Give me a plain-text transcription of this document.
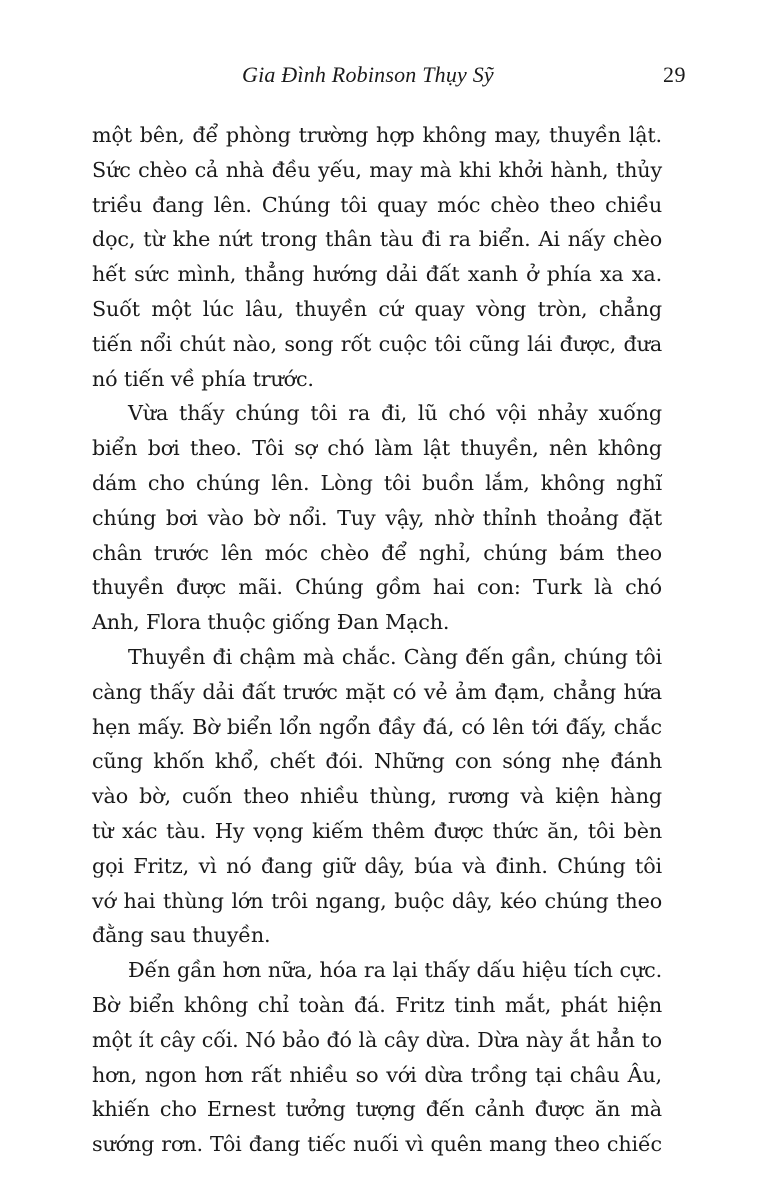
Gia Đình Robinson Thụy Sỹ	29
một bên, để phòng trường hợp không may, thuyền lật.
Sức chèo cả nhà đều yếu, may mà khi khởi hành, thủy
triều đang lên. Chúng tôi quay móc chèo theo chiều
dọc, từ khe nứt trong thân tàu đi ra biển. Ai nấy chèo
hết sức mình, thẳng hướng dải đất xanh ở phía xa xa.
Suốt một lúc lâu, thuyền cứ quay vòng tròn, chẳng
tiến nổi chút nào, song rốt cuộc tôi cũng lái được, đưa
nó tiến về phía trước.
Vừa thấy chúng tôi ra đi, lũ chó vội nhảy xuống
biển bơi theo. Tôi sợ chó làm lật thuyền, nên không
dám cho chúng lên. Lòng tôi buồn lắm, không nghĩ
chúng bơi vào bờ nổi. Tuy vậy, nhờ thỉnh thoảng đặt
chân trước lên móc chèo để nghỉ, chúng bám theo
thuyền được mãi. Chúng gồm hai con: Turk là chó
Anh, Flora thuộc giống Đan Mạch.
Thuyền đi chậm mà chắc. Càng đến gần, chúng tôi
càng thấy dải đất trước mặt có vẻ ảm đạm, chẳng hứa
hẹn mấy. Bờ biển lổn ngổn đầy đá, có lên tới đấy, chắc
cũng khốn khổ, chết đói. Những con sóng nhẹ đánh
vào bờ, cuốn theo nhiều thùng, rương và kiện hàng
từ xác tàu. Hy vọng kiếm thêm được thức ăn, tôi bèn
gọi Fritz, vì nó đang giữ dây, búa và đinh. Chúng tôi
vớ hai thùng lớn trôi ngang, buộc dây, kéo chúng theo
đằng sau thuyền.
Đến gần hơn nữa, hóa ra lại thấy dấu hiệu tích cực.
Bờ biển không chỉ toàn đá. Fritz tinh mắt, phát hiện
một ít cây cối. Nó bảo đó là cây dừa. Dừa này ắt hẳn to
hơn, ngon hơn rất nhiều so với dừa trồng tại châu Âu,
khiến cho Ernest tưởng tượng đến cảnh được ăn mà
sướng rơn. Tôi đang tiếc nuối vì quên mang theo chiếc
